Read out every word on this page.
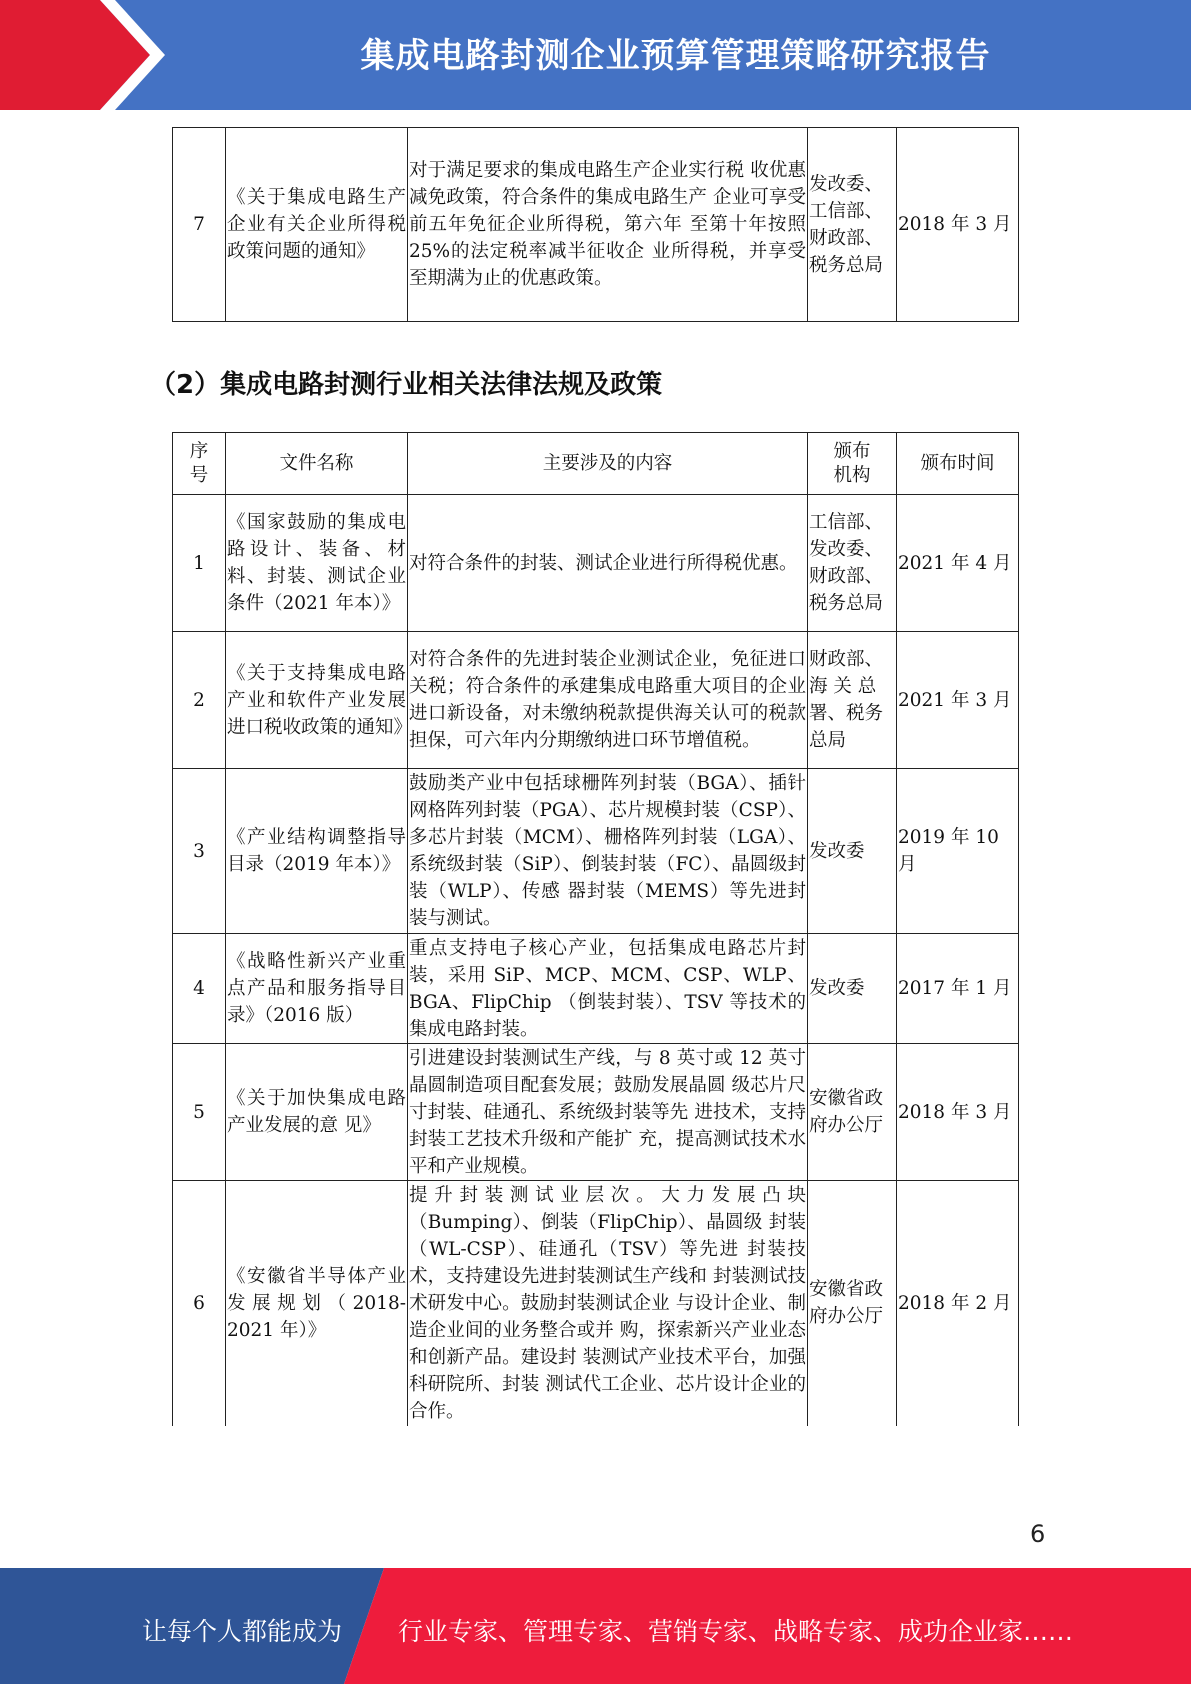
集成电路封测企业预算管理策略研究报告
7	《关于集成电路生产企业有关企业所得税政策问题的通知》	对于满足要求的集成电路生产企业实行税 收优惠减免政策，符合条件的集成电路生产 企业可享受前五年免征企业所得税，第六年 至第十年按照 25%的法定税率减半征收企 业所得税，并享受至期满为止的优惠政策。	发改委、工信部、财政部、税务总局	2018 年 3 月
（2）集成电路封测行业相关法律法规及政策
序号	文件名称	主要涉及的内容	颁布机构	颁布时间
1	《国家鼓励的集成电路设计、装备、材料、封装、测试企业条件（2021 年本）》	对符合条件的封装、测试企业进行所得税优惠。	工信部、发改委、财政部、税务总局	2021 年 4 月
2	《关于支持集成电路产业和软件产业发展进口税收政策的通知》	对符合条件的先进封装企业测试企业，免征进口关税；符合条件的承建集成电路重大项目的企业进口新设备，对未缴纳税款提供海关认可的税款担保，可六年内分期缴纳进口环节增值税。	财政部、海 关 总署、税务总局	2021 年 3 月
3	《产业结构调整指导目录（2019 年本）》	鼓励类产业中包括球栅阵列封装（BGA）、插针网格阵列封装（PGA）、芯片规模封装（CSP）、多芯片封装（MCM）、栅格阵列封装（LGA）、系统级封装（SiP）、倒装封装（FC）、晶圆级封装（WLP）、传感 器封装（MEMS）等先进封装与测试。	发改委	2019 年 10 月
4	《战略性新兴产业重点产品和服务指导目录》（2016 版）	重点支持电子核心产业，包括集成电路芯片封装，采用 SiP、MCP、MCM、CSP、WLP、BGA、FlipChip （倒装封装）、TSV 等技术的集成电路封装。	发改委	2017 年 1 月
5	《关于加快集成电路产业发展的意 见》	引进建设封装测试生产线，与 8 英寸或 12 英寸晶圆制造项目配套发展；鼓励发展晶圆 级芯片尺寸封装、硅通孔、系统级封装等先 进技术，支持封装工艺技术升级和产能扩 充，提高测试技术水平和产业规模。	安徽省政府办公厅	2018 年 3 月
6	《安徽省半导体产业发展规划（2018-2021 年）》	提升封装测试业层次。大力发展凸块（Bumping）、倒装（FlipChip）、晶圆级 封装（WL-CSP）、硅通孔（TSV）等先进 封装技术，支持建设先进封装测试生产线和 封装测试技术研发中心。鼓励封装测试企业 与设计企业、制造企业间的业务整合或并 购，探索新兴产业业态和创新产品。建设封 装测试产业技术平台，加强科研院所、封装 测试代工企业、芯片设计企业的合作。	安徽省政府办公厅	2018 年 2 月
6
让每个人都能成为 行业专家、管理专家、营销专家、战略专家、成功企业家……
